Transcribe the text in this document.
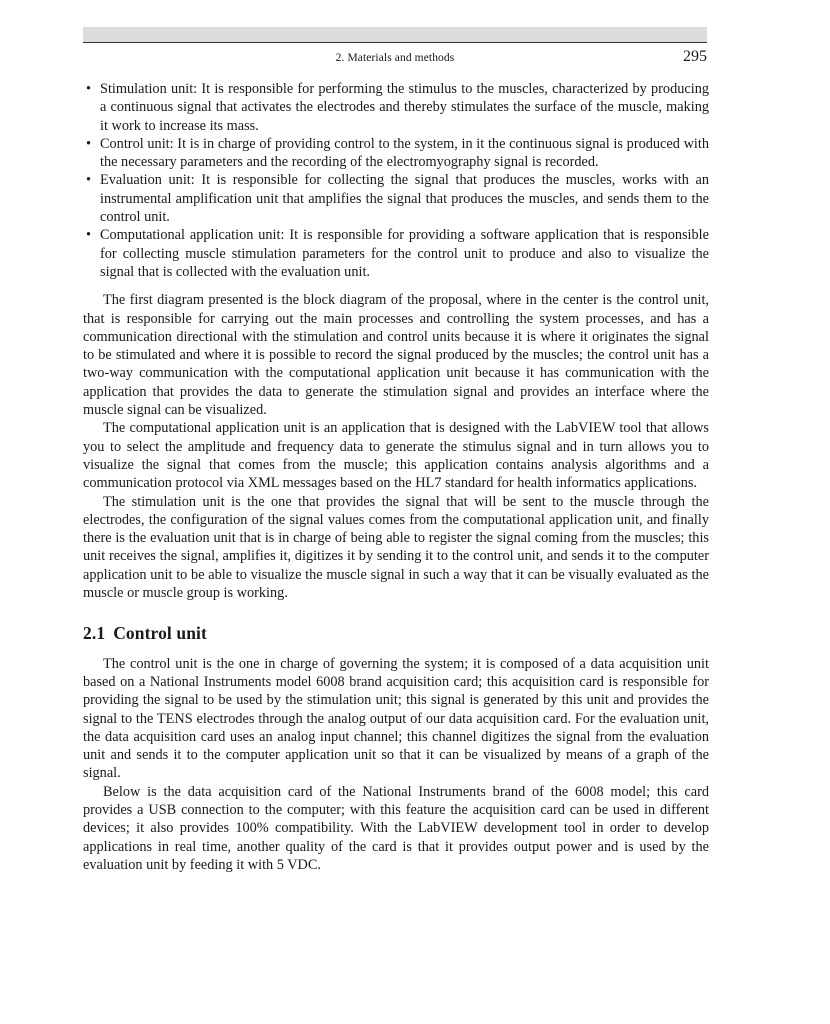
2. Materials and methods	295
• Stimulation unit: It is responsible for performing the stimulus to the muscles, characterized by producing a continuous signal that activates the electrodes and thereby stimulates the surface of the muscle, making it work to increase its mass.
• Control unit: It is in charge of providing control to the system, in it the continuous signal is produced with the necessary parameters and the recording of the electromyography signal is recorded.
• Evaluation unit: It is responsible for collecting the signal that produces the muscles, works with an instrumental amplification unit that amplifies the signal that produces the muscles, and sends them to the control unit.
• Computational application unit: It is responsible for providing a software application that is responsible for collecting muscle stimulation parameters for the control unit to produce and also to visualize the signal that is collected with the evaluation unit.

The first diagram presented is the block diagram of the proposal, where in the center is the control unit, that is responsible for carrying out the main processes and controlling the system processes, and has a communication directional with the stimulation and control units because it is where it originates the signal to be stimulated and where it is possible to record the signal produced by the muscles; the control unit has a two-way communication with the computational application unit because it has communication with the application that provides the data to generate the stimulation signal and provides an interface where the muscle signal can be visualized.

The computational application unit is an application that is designed with the LabVIEW tool that allows you to select the amplitude and frequency data to generate the stimulus signal and in turn allows you to visualize the signal that comes from the muscle; this application contains analysis algorithms and a communication protocol via XML messages based on the HL7 standard for health informatics applications.

The stimulation unit is the one that provides the signal that will be sent to the muscle through the electrodes, the configuration of the signal values comes from the computational application unit, and finally there is the evaluation unit that is in charge of being able to register the signal coming from the muscles; this unit receives the signal, amplifies it, digitizes it by sending it to the control unit, and sends it to the computer application unit to be able to visualize the muscle signal in such a way that it can be visually evaluated as the muscle or muscle group is working.

2.1 Control unit

The control unit is the one in charge of governing the system; it is composed of a data acquisition unit based on a National Instruments model 6008 brand acquisition card; this acquisition card is responsible for providing the signal to be used by the stimulation unit; this signal is generated by this unit and provides the signal to the TENS electrodes through the analog output of our data acquisition card. For the evaluation unit, the data acquisition card uses an analog input channel; this channel digitizes the signal from the evaluation unit and sends it to the computer application unit so that it can be visualized by means of a graph of the signal.

Below is the data acquisition card of the National Instruments brand of the 6008 model; this card provides a USB connection to the computer; with this feature the acquisition card can be used in different devices; it also provides 100% compatibility. With the LabVIEW development tool in order to develop applications in real time, another quality of the card is that it provides output power and is used by the evaluation unit by feeding it with 5 VDC.
